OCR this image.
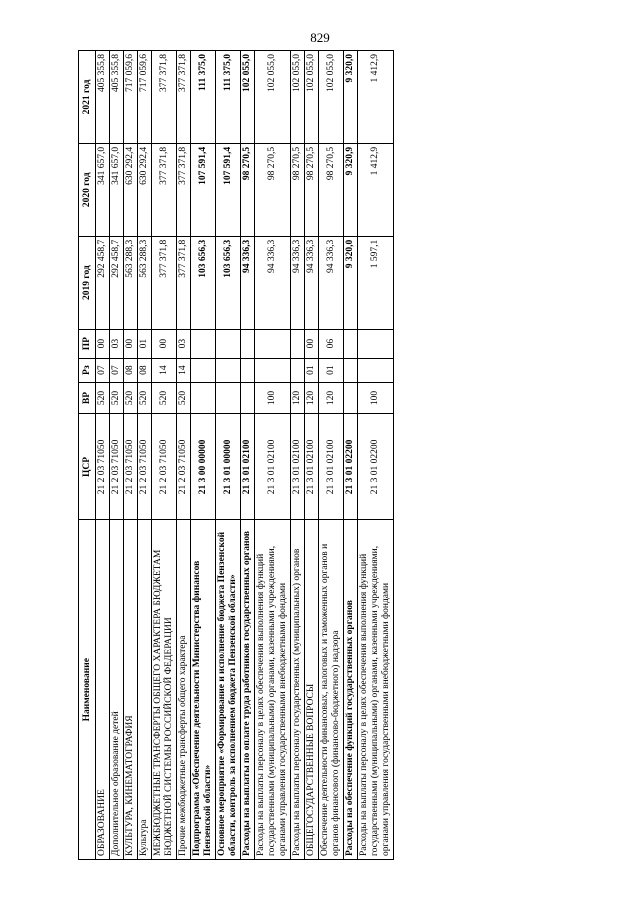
829
Наименование	ЦСР	ВР	Рз	ПР	2019 год	2020 год	2021 год
ОБРАЗОВАНИЕ	21 2 03 71050	520	07	00	292 458,7	341 657,0	405 355,8
Дополнительное образование детей	21 2 03 71050	520	07	03	292 458,7	341 657,0	405 355,8
КУЛЬТУРА, КИНЕМАТОГРАФИЯ	21 2 03 71050	520	08	00	563 288,3	630 292,4	717 059,6
Культура	21 2 03 71050	520	08	01	563 288,3	630 292,4	717 059,6
МЕЖБЮДЖЕТНЫЕ ТРАНСФЕРТЫ ОБЩЕГО ХАРАКТЕРА БЮДЖЕТАМ БЮДЖЕТНОЙ СИСТЕМЫ РОССИЙСКОЙ ФЕДЕРАЦИИ	21 2 03 71050	520	14	00	377 371,8	377 371,8	377 371,8
Прочие межбюджетные трансферты общего характера	21 2 03 71050	520	14	03	377 371,8	377 371,8	377 371,8
Подпрограмма «Обеспечение деятельности Министерства финансов Пензенской области»	21 3 00 00000				103 656,3	107 591,4	111 375,0
Основное мероприятие «Формирование и исполнение бюджета Пензенской области, контроль за исполнением бюджета Пензенской области»	21 3 01 00000				103 656,3	107 591,4	111 375,0
Расходы на выплаты по оплате труда работников государственных органов	21 3 01 02100				94 336,3	98 270,5	102 055,0
Расходы на выплаты персоналу в целях обеспечения выполнения функций государственными (муниципальными) органами, казенными учреждениями, органами управления государственными внебюджетными фондами	21 3 01 02100	100			94 336,3	98 270,5	102 055,0
Расходы на выплаты персоналу государственных (муниципальных) органов	21 3 01 02100	120			94 336,3	98 270,5	102 055,0
ОБЩЕГОСУДАРСТВЕННЫЕ ВОПРОСЫ	21 3 01 02100	120	01	00	94 336,3	98 270,5	102 055,0
Обеспечение деятельности финансовых, налоговых и таможенных органов и органов финансового (финансово-бюджетного) надзора	21 3 01 02100	120	01	06	94 336,3	98 270,5	102 055,0
Расходы на обеспечение функций государственных органов	21 3 01 02200				9 320,0	9 320,9	9 320,0
Расходы на выплаты персоналу в целях обеспечения выполнения функций государственными (муниципальными) органами, казенными учреждениями, органами управления государственными внебюджетными фондами	21 3 01 02200	100			1 597,1	1 412,9	1 412,9
